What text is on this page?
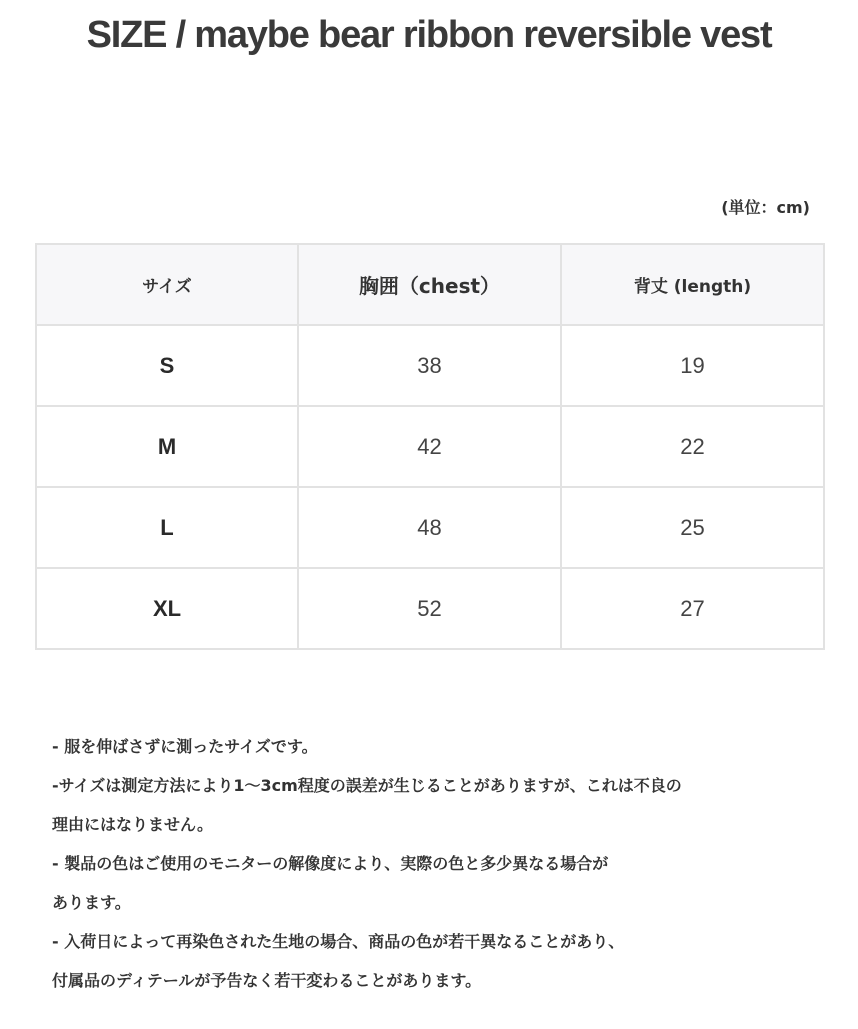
SIZE / maybe bear ribbon reversible vest
(単位：cm)
サイズ	胸囲（chest）	背丈 (length)
S	38	19
M	42	22
L	48	25
XL	52	27
- 服を伸ばさずに測ったサイズです。
-サイズは測定方法により1～3cm程度の誤差が生じることがありますが、これは不良の
理由にはなりません。
- 製品の色はご使用のモニターの解像度により、実際の色と多少異なる場合が
あります。
- 入荷日によって再染色された生地の場合、商品の色が若干異なることがあり、
付属品のディテールが予告なく若干変わることがあります。
